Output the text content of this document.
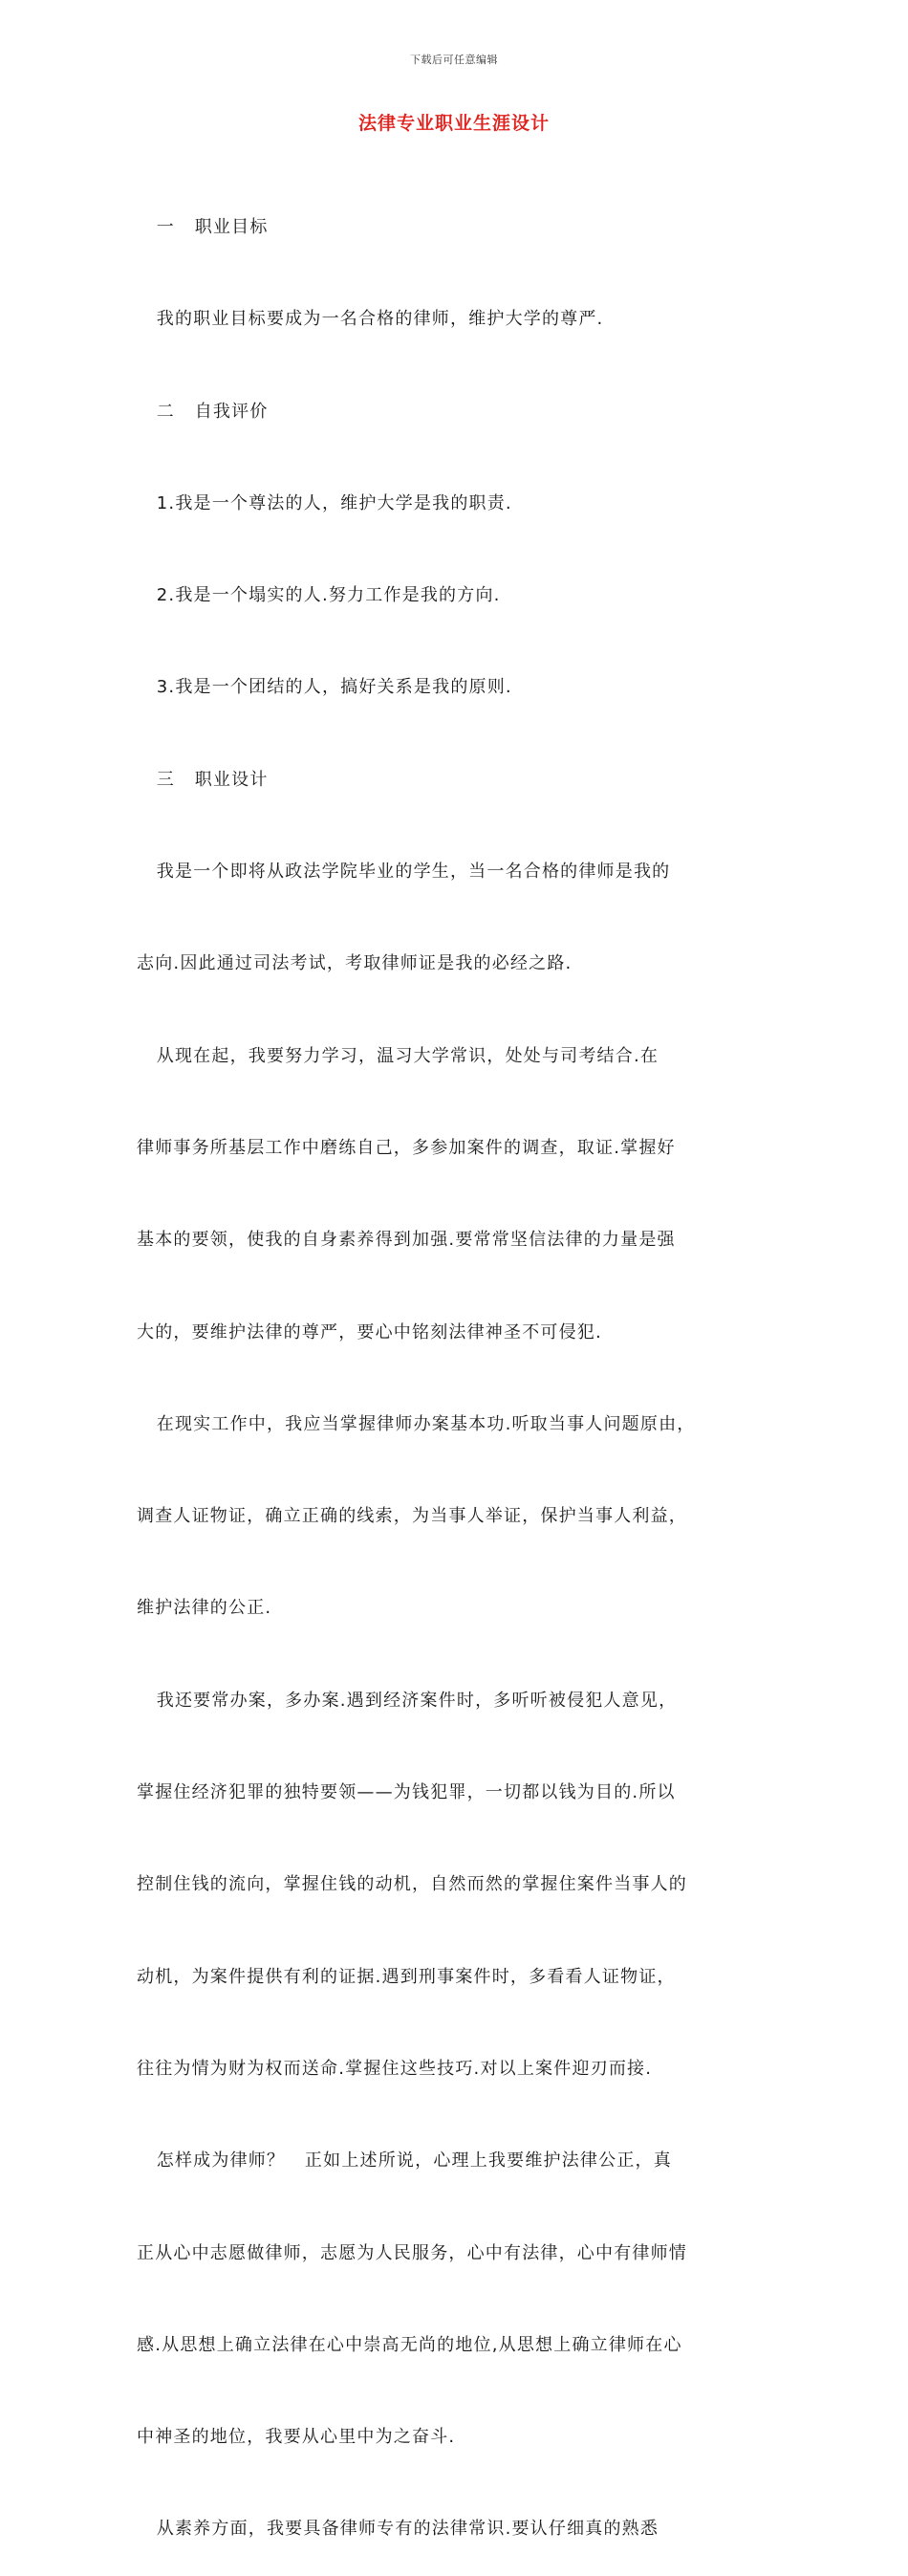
下载后可任意编辑
法律专业职业生涯设计

一   职业目标

我的职业目标要成为一名合格的律师，维护大学的尊严.

二   自我评价

1.我是一个尊法的人，维护大学是我的职责.

2.我是一个塌实的人.努力工作是我的方向.

3.我是一个团结的人，搞好关系是我的原则.

三   职业设计

我是一个即将从政法学院毕业的学生，当一名合格的律师是我的

志向.因此通过司法考试，考取律师证是我的必经之路.

从现在起，我要努力学习，温习大学常识，处处与司考结合.在

律师事务所基层工作中磨练自己，多参加案件的调查，取证.掌握好

基本的要领，使我的自身素养得到加强.要常常坚信法律的力量是强

大的，要维护法律的尊严，要心中铭刻法律神圣不可侵犯.

在现实工作中，我应当掌握律师办案基本功.听取当事人问题原由，

调查人证物证，确立正确的线索，为当事人举证，保护当事人利益，

维护法律的公正.

我还要常办案，多办案.遇到经济案件时，多听听被侵犯人意见，

掌握住经济犯罪的独特要领——为钱犯罪，一切都以钱为目的.所以

控制住钱的流向，掌握住钱的动机，自然而然的掌握住案件当事人的

动机，为案件提供有利的证据.遇到刑事案件时，多看看人证物证，

往往为情为财为权而送命.掌握住这些技巧.对以上案件迎刃而接.

怎样成为律师？   正如上述所说，心理上我要维护法律公正，真

正从心中志愿做律师，志愿为人民服务，心中有法律，心中有律师情

感.从思想上确立法律在心中崇高无尚的地位,从思想上确立律师在心

中神圣的地位，我要从心里中为之奋斗.

从素养方面，我要具备律师专有的法律常识.要认仔细真的熟悉
